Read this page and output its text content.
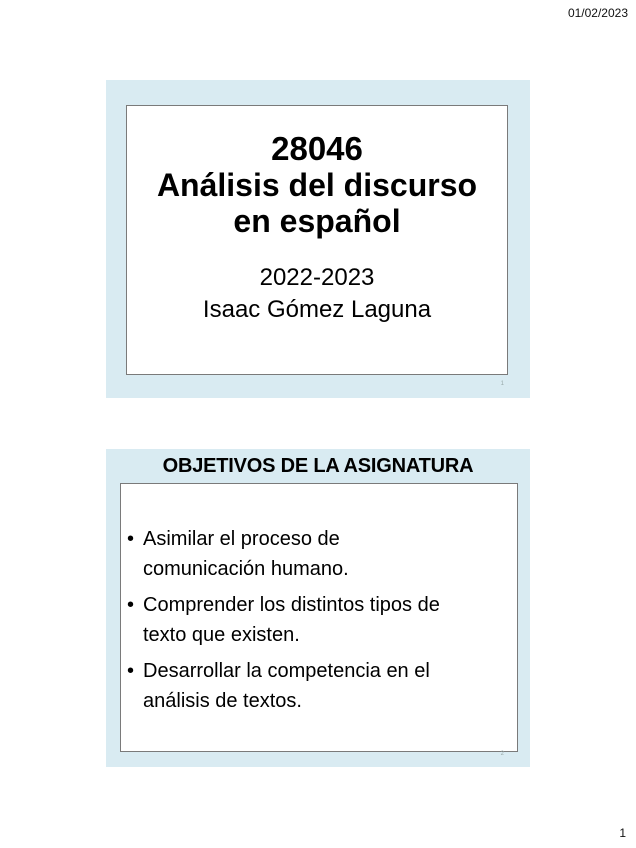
01/02/2023
28046
Análisis del discurso
en español
2022-2023
Isaac Gómez Laguna
1
OBJETIVOS DE LA ASIGNATURA
• Asimilar el proceso de
comunicación humano.
• Comprender los distintos tipos de
texto que existen.
• Desarrollar la competencia en el
análisis de textos.
2
1
